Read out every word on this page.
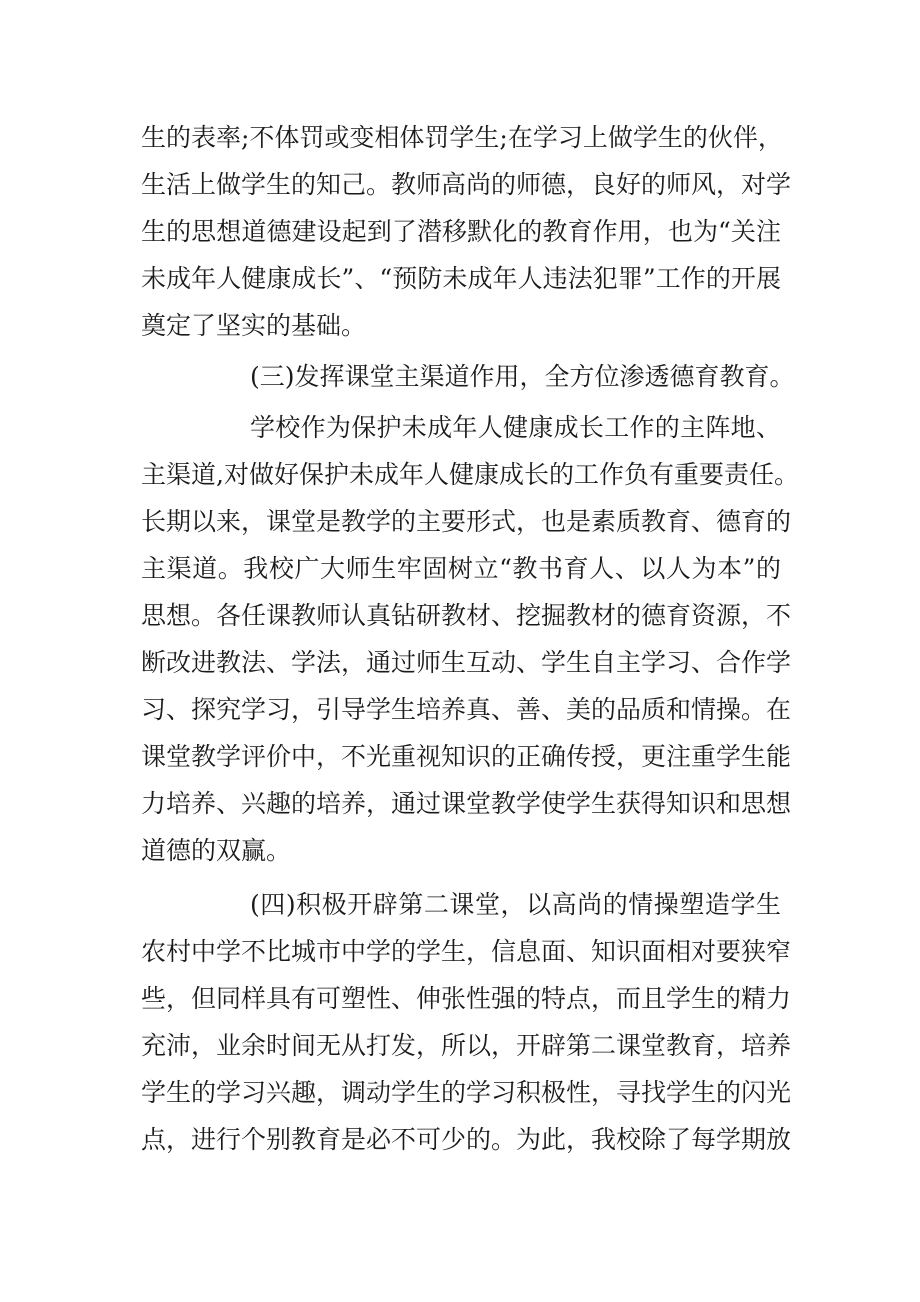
生的表率;不体罚或变相体罚学生;在学习上做学生的伙伴，
生活上做学生的知己。教师高尚的师德，良好的师风，对学
生的思想道德建设起到了潜移默化的教育作用，也为“关注
未成年人健康成长”、“预防未成年人违法犯罪”工作的开展
奠定了坚实的基础。
(三)发挥课堂主渠道作用，全方位渗透德育教育。
学校作为保护未成年人健康成长工作的主阵地、
主渠道,对做好保护未成年人健康成长的工作负有重要责任。
长期以来，课堂是教学的主要形式，也是素质教育、德育的
主渠道。我校广大师生牢固树立“教书育人、以人为本”的
思想。各任课教师认真钻研教材、挖掘教材的德育资源，不
断改进教法、学法，通过师生互动、学生自主学习、合作学
习、探究学习，引导学生培养真、善、美的品质和情操。在
课堂教学评价中，不光重视知识的正确传授，更注重学生能
力培养、兴趣的培养，通过课堂教学使学生获得知识和思想
道德的双赢。
(四)积极开辟第二课堂，以高尚的情操塑造学生
农村中学不比城市中学的学生，信息面、知识面相对要狭窄
些，但同样具有可塑性、伸张性强的特点，而且学生的精力
充沛，业余时间无从打发，所以，开辟第二课堂教育，培养
学生的学习兴趣，调动学生的学习积极性，寻找学生的闪光
点，进行个别教育是必不可少的。为此，我校除了每学期放
